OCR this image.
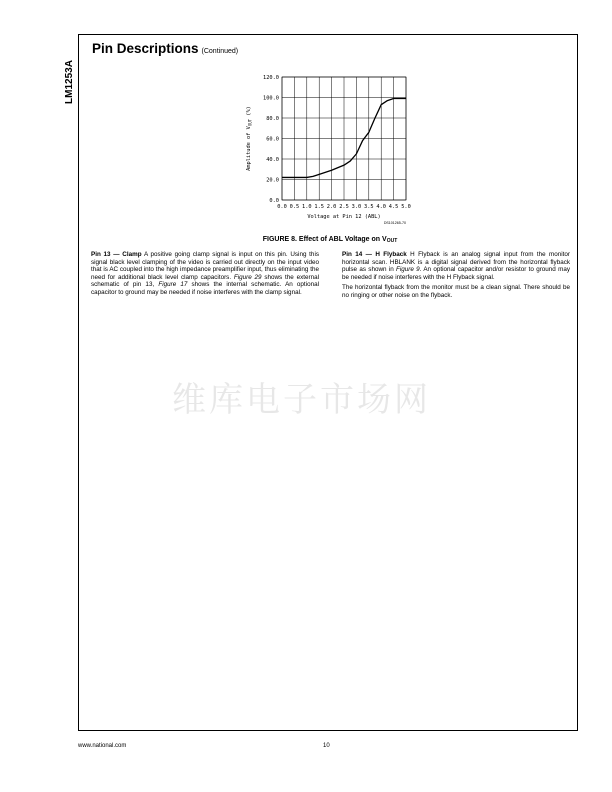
LM1253A
Pin Descriptions (Continued)
0.0 0.5 1.0 1.5 2.0 2.5 3.0 3.5 4.0 4.5 5.0
0.0
20.0
40.0
60.0
80.0
100.0
120.0
Voltage at Pin 12 (ABL)
Amplitude of $V_{OUT}$ (%)
DS101265-70
FIGURE 8. Effect of ABL Voltage on $V_{OUT}$

Pin 13 — Clamp A positive going clamp signal is input on this pin. Using this signal black level clamping of the video is carried out directly on the input video that is AC coupled into the high impedance preamplifier input, thus eliminating the need for additional black level clamp capacitors. Figure 29 shows the external schematic of pin 13, Figure 17 shows the internal schematic. An optional capacitor to ground may be needed if noise interferes with the clamp signal.

Pin 14 — H Flyback H Flyback is an analog signal input from the monitor horizontal scan. HBLANK is a digital signal derived from the horizontal flyback pulse as shown in Figure 9. An optional capacitor and/or resistor to ground may be needed if noise interferes with the H Flyback signal.

The horizontal flyback from the monitor must be a clean signal. There should be no ringing or other noise on the flyback.

维库电子市场网
www.national.com	10
